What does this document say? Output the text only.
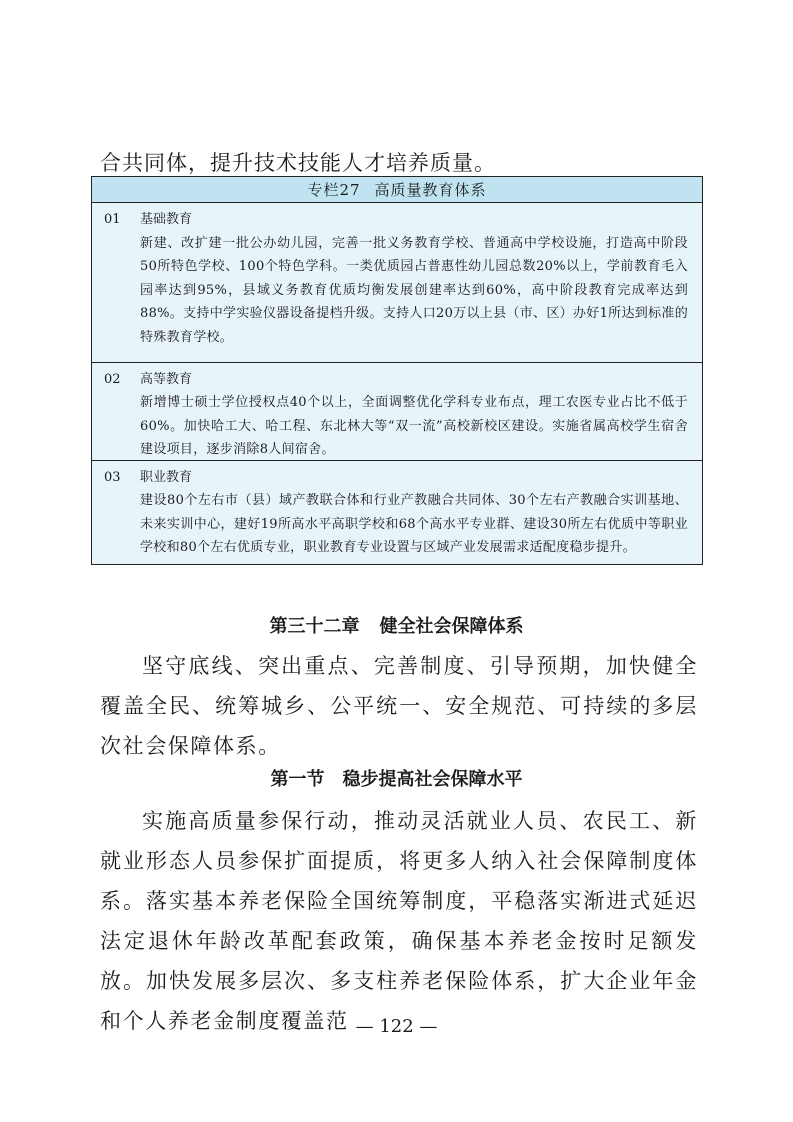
合共同体，提升技术技能人才培养质量。

专栏27 高质量教育体系
01	基础教育
新建、改扩建一批公办幼儿园，完善一批义务教育学校、普通高中学校设施，打造高中阶段50所特色学校、100个特色学科。一类优质园占普惠性幼儿园总数20%以上，学前教育毛入园率达到95%，县域义务教育优质均衡发展创建率达到60%，高中阶段教育完成率达到88%。支持中学实验仪器设备提档升级。支持人口20万以上县（市、区）办好1所达到标准的特殊教育学校。
02	高等教育
新增博士硕士学位授权点40个以上，全面调整优化学科专业布点，理工农医专业占比不低于60%。加快哈工大、哈工程、东北林大等“双一流”高校新校区建设。实施省属高校学生宿舍建设项目，逐步消除8人间宿舍。
03	职业教育
建设80个左右市（县）域产教联合体和行业产教融合共同体、30个左右产教融合实训基地、未来实训中心，建好19所高水平高职学校和68个高水平专业群、建设30所左右优质中等职业学校和80个左右优质专业，职业教育专业设置与区域产业发展需求适配度稳步提升。
第三十二章 健全社会保障体系

坚守底线、突出重点、完善制度、引导预期，加快健全覆盖全民、统筹城乡、公平统一、安全规范、可持续的多层次社会保障体系。

第一节 稳步提高社会保障水平

实施高质量参保行动，推动灵活就业人员、农民工、新就业形态人员参保扩面提质，将更多人纳入社会保障制度体系。落实基本养老保险全国统筹制度，平稳落实渐进式延迟法定退休年龄改革配套政策，确保基本养老金按时足额发放。加快发展多层次、多支柱养老保险体系，扩大企业年金和个人养老金制度覆盖范 — 122 —
